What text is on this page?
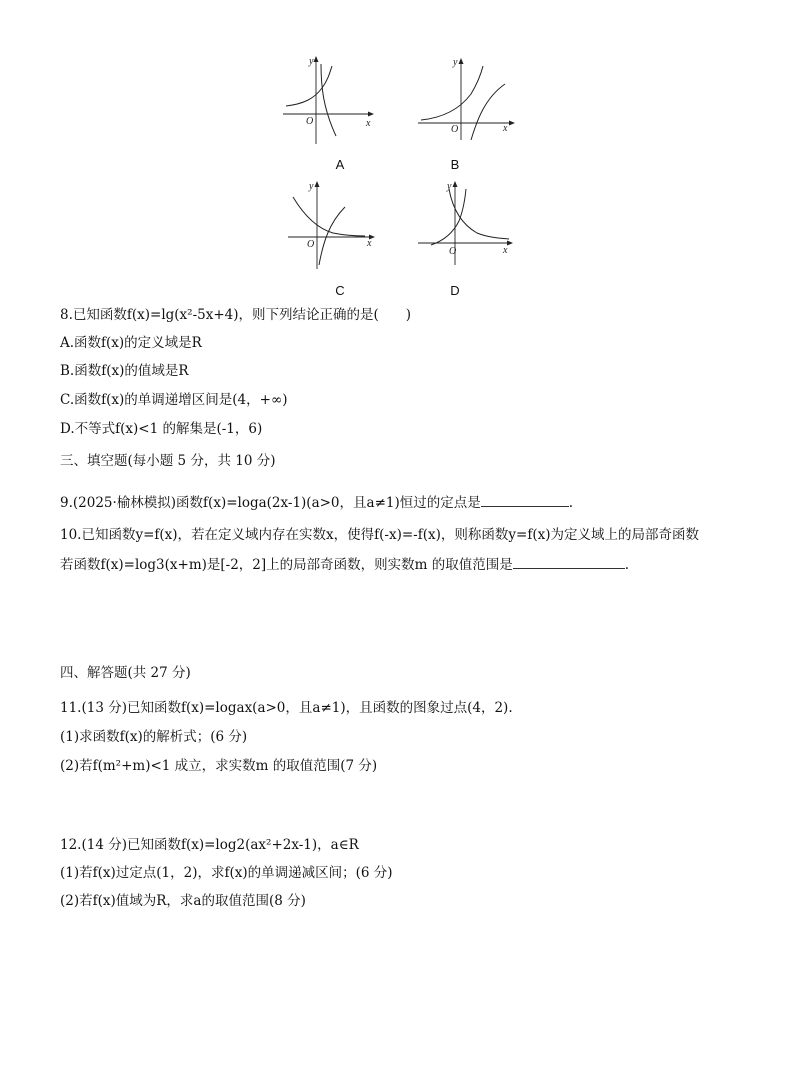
y
x
O
A
y
x
O
B
y
x
O
C
y
x
O
D
8.已知函数f(x)=lg(x²-5x+4)，则下列结论正确的是(　　)
A.函数f(x)的定义域是R
B.函数f(x)的值域是R
C.函数f(x)的单调递增区间是(4，+∞)
D.不等式f(x)<1 的解集是(-1，6)
三、填空题(每小题 5 分，共 10 分)
9.(2025·榆林模拟)函数f(x)=loga(2x-1)(a>0，且a≠1)恒过的定点是	.
10.已知函数y=f(x)，若在定义域内存在实数x，使得f(-x)=-f(x)，则称函数y=f(x)为定义域上的局部奇函数
若函数f(x)=log3(x+m)是[-2，2]上的局部奇函数，则实数m 的取值范围是	.
四、解答题(共 27 分)
11.(13 分)已知函数f(x)=logax(a>0，且a≠1)，且函数的图象过点(4，2).
(1)求函数f(x)的解析式；(6 分)
(2)若f(m²+m)<1 成立，求实数m 的取值范围(7 分)
12.(14 分)已知函数f(x)=log2(ax²+2x-1)，a∈R
(1)若f(x)过定点(1，2)，求f(x)的单调递减区间；(6 分)
(2)若f(x)值域为R，求a的取值范围(8 分)
